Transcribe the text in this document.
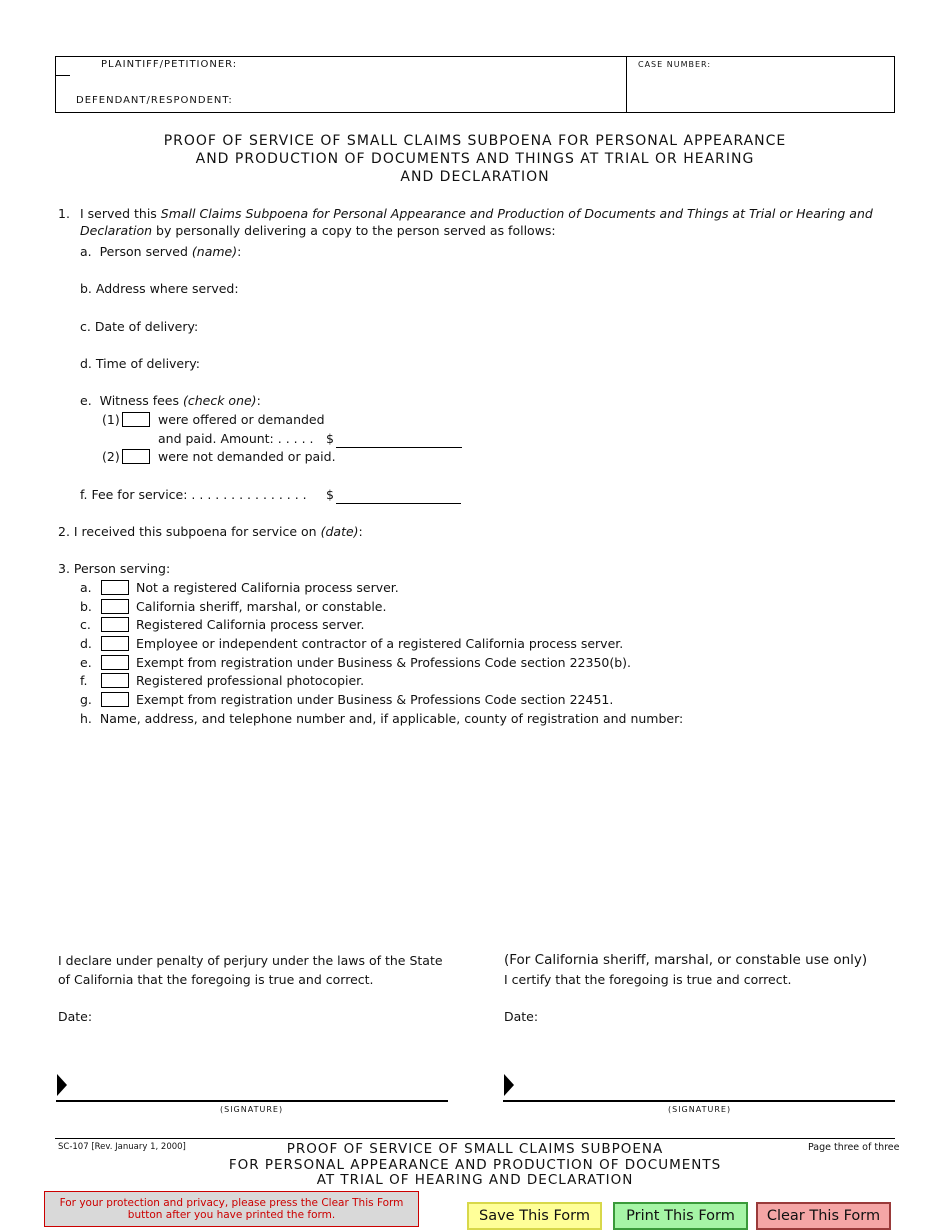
PLAINTIFF/PETITIONER:
DEFENDANT/RESPONDENT:
CASE NUMBER:
PROOF OF SERVICE OF SMALL CLAIMS SUBPOENA FOR PERSONAL APPEARANCE
AND PRODUCTION OF DOCUMENTS AND THINGS AT TRIAL OR HEARING
AND DECLARATION
1. I served this Small Claims Subpoena for Personal Appearance and Production of Documents and Things at Trial or Hearing and
Declaration by personally delivering a copy to the person served as follows:
a. Person served (name):
b. Address where served:
c. Date of delivery:
d. Time of delivery:
e. Witness fees (check one):
(1)	were offered or demanded
and paid. Amount: . . . . . $
(2)	were not demanded or paid.
f. Fee for service: . . . . . . . . . . . . . . . $
2. I received this subpoena for service on (date):
3. Person serving:
a.	Not a registered California process server.
b.	California sheriff, marshal, or constable.
c.	Registered California process server.
d.	Employee or independent contractor of a registered California process server.
e.	Exempt from registration under Business & Professions Code section 22350(b).
f.	Registered professional photocopier.
g.	Exempt from registration under Business & Professions Code section 22451.
h. Name, address, and telephone number and, if applicable, county of registration and number:
I declare under penalty of perjury under the laws of the State
of California that the foregoing is true and correct.
Date:
(SIGNATURE)
(For California sheriff, marshal, or constable use only)
I certify that the foregoing is true and correct.
Date:
(SIGNATURE)
SC-107 [Rev. January 1, 2000]	Page three of three
PROOF OF SERVICE OF SMALL CLAIMS SUBPOENA
FOR PERSONAL APPEARANCE AND PRODUCTION OF DOCUMENTS
AT TRIAL OF HEARING AND DECLARATION
For your protection and privacy, please press the Clear This Form
button after you have printed the form.	Save This Form	Print This Form	Clear This Form
